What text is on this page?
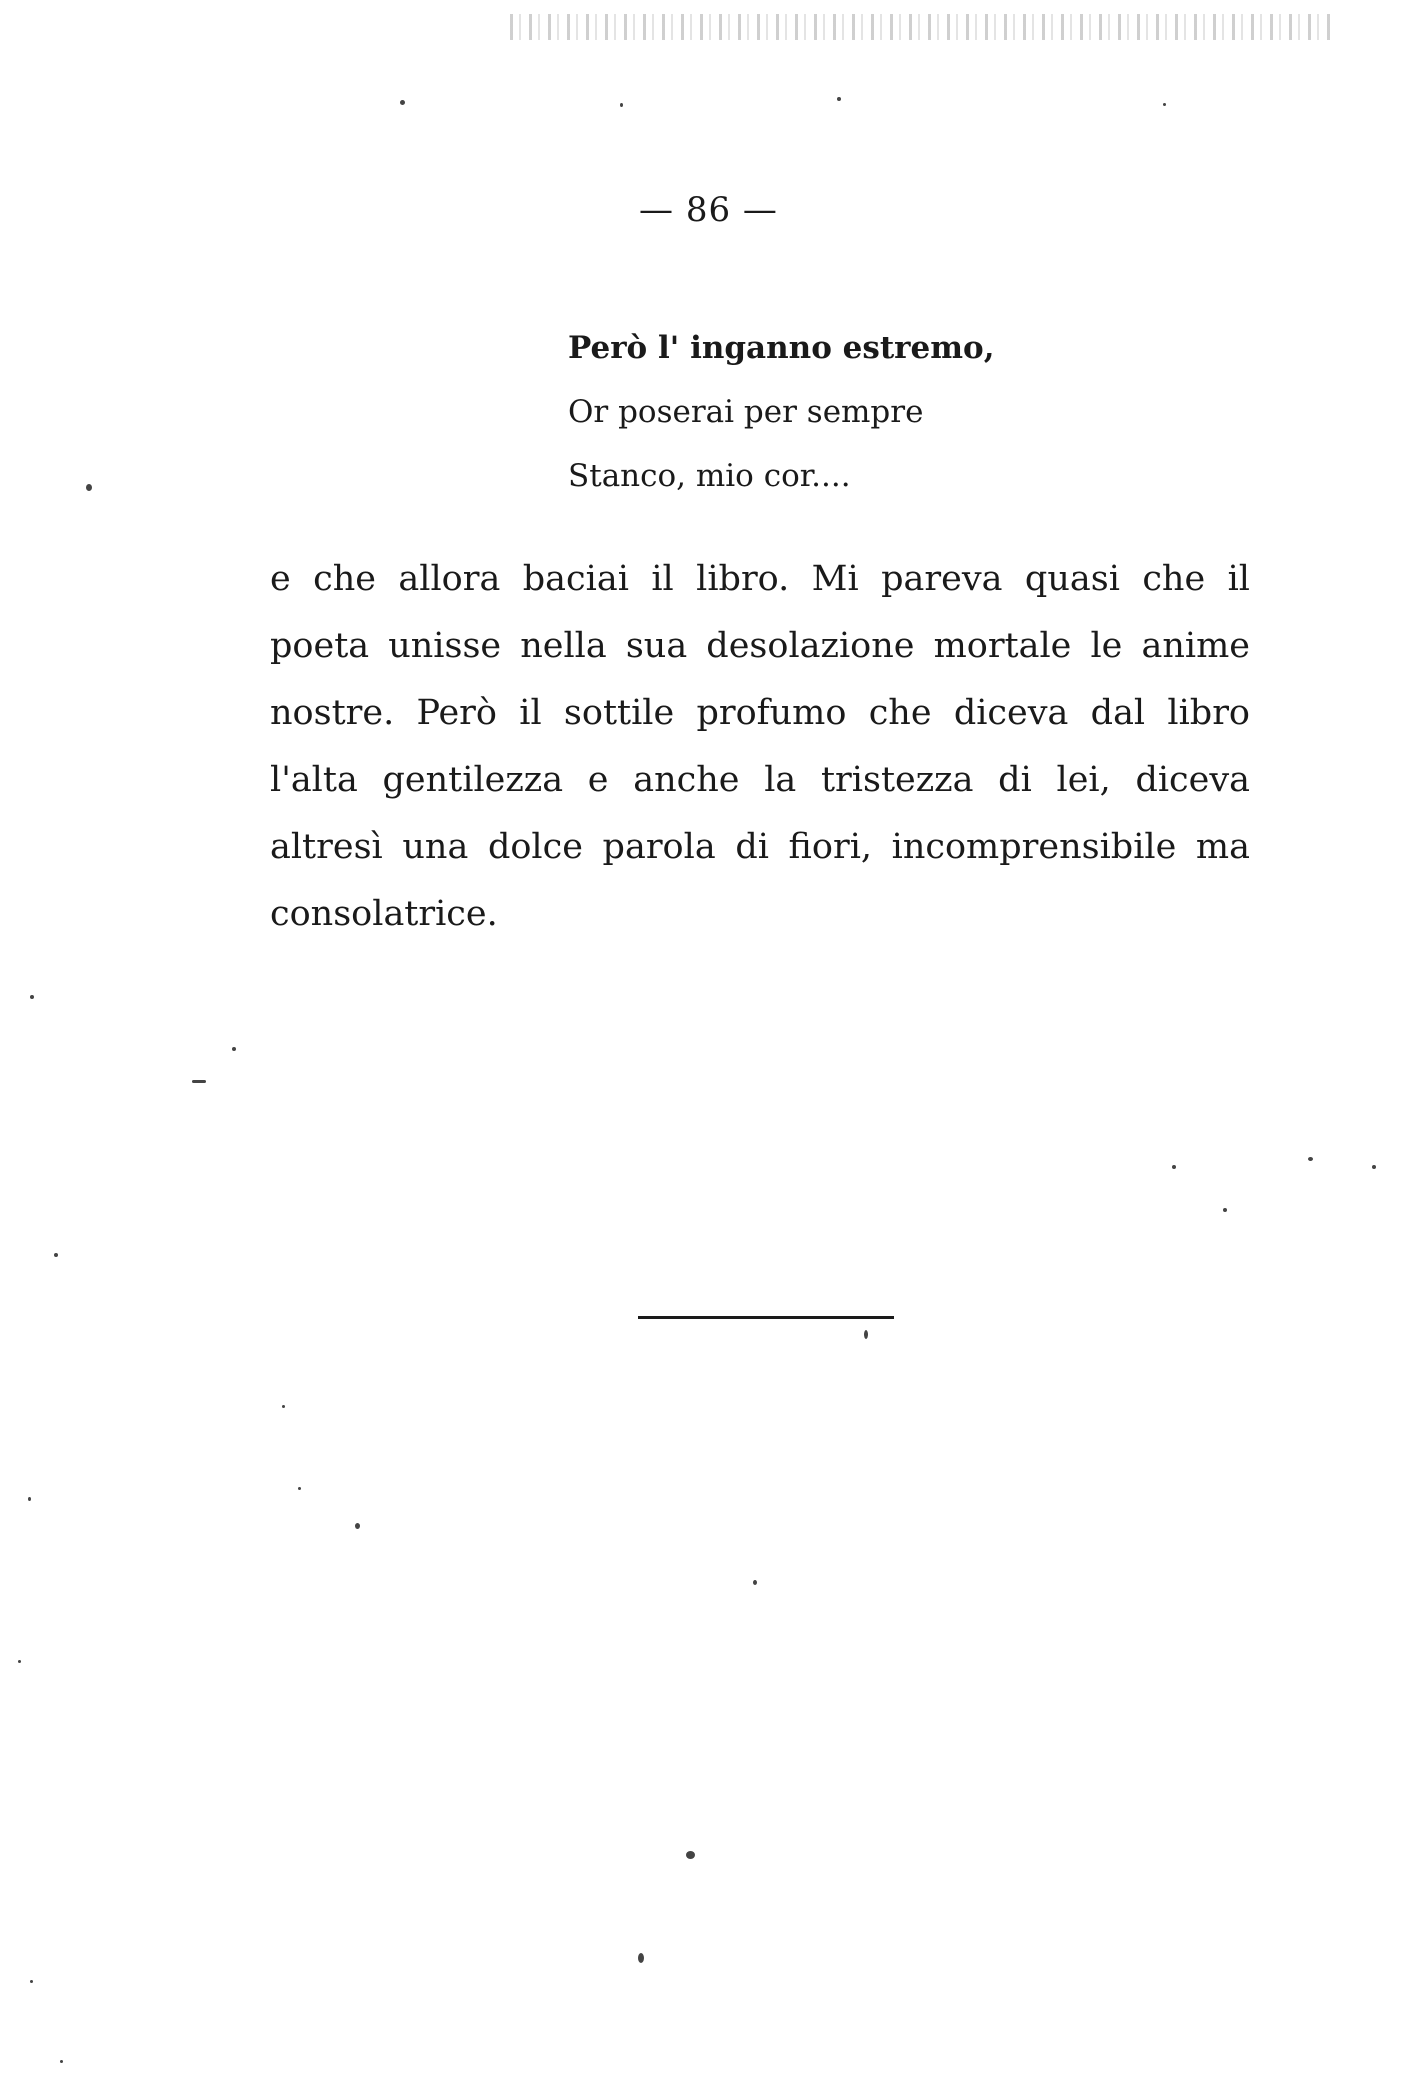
— 86 —
Però l' inganno estremo,
Or poserai per sempre
Stanco, mio cor....
e che allora baciai il libro. Mi pareva quasi che il
poeta unisse nella sua desolazione mortale le anime
nostre. Però il sottile profumo che diceva dal libro
l'alta gentilezza e anche la tristezza di lei, diceva
altresì una dolce parola di fiori, incomprensibile ma
consolatrice.
